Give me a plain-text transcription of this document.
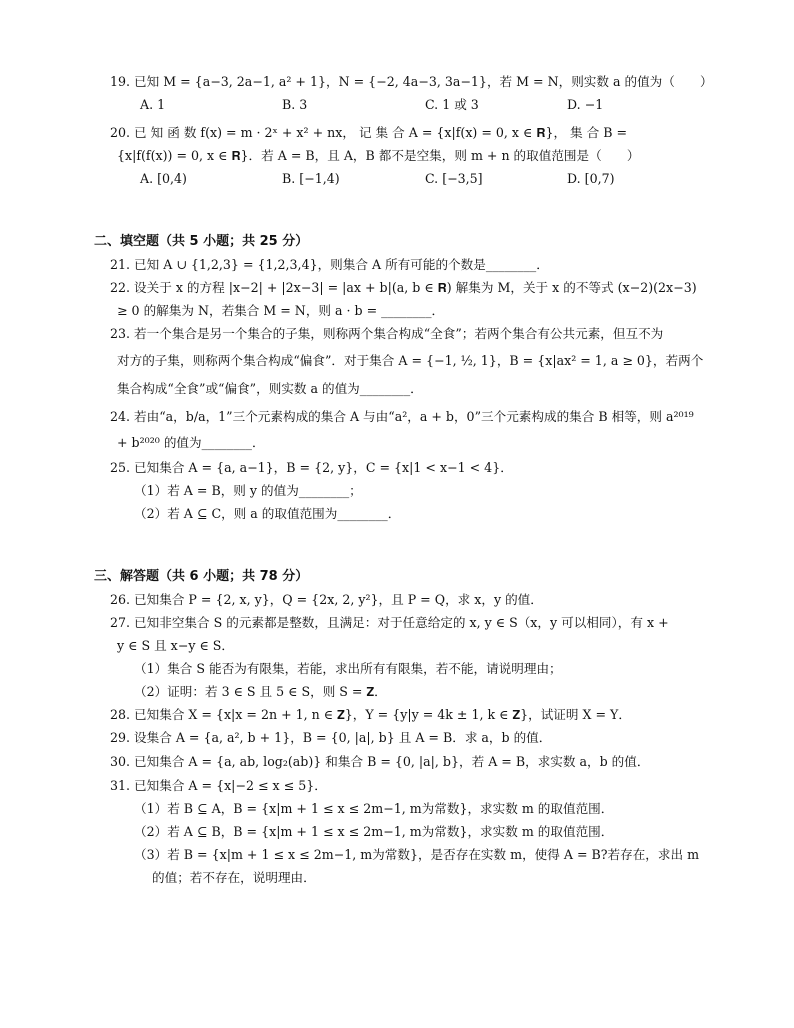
19. 已知 M = {a−3, 2a−1, a² + 1}，N = {−2, 4a−3, 3a−1}，若 M = N，则实数 a 的值为（　　）
A. 1	B. 3	C. 1 或 3	D. −1
20. 已 知 函 数 f(x) = m · 2ˣ + x² + nx， 记 集 合 A = {x|f(x) = 0, x ∈ 𝐑}， 集 合 B =
{x|f(f(x)) = 0, x ∈ 𝐑}．若 A = B，且 A，B 都不是空集，则 m + n 的取值范围是（　　）
A. [0,4)	B. [−1,4)	C. [−3,5]	D. [0,7)
二、填空题（共 5 小题；共 25 分）
21. 已知 A ∪ {1,2,3} = {1,2,3,4}，则集合 A 所有可能的个数是________．
22. 设关于 x 的方程 |x−2| + |2x−3| = |ax + b|(a, b ∈ 𝐑) 解集为 M，关于 x 的不等式 (x−2)(2x−3)
≥ 0 的解集为 N，若集合 M = N，则 a · b = ________．
23. 若一个集合是另一个集合的子集，则称两个集合构成“全食”；若两个集合有公共元素，但互不为
对方的子集，则称两个集合构成“偏食”．对于集合 A = {−1, ½, 1}，B = {x|ax² = 1, a ≥ 0}，若两个
集合构成“全食”或“偏食”，则实数 a 的值为________．
24. 若由“a，b/a，1”三个元素构成的集合 A 与由“a²，a + b，0”三个元素构成的集合 B 相等，则 a²⁰¹⁹
+ b²⁰²⁰ 的值为________．
25. 已知集合 A = {a, a−1}，B = {2, y}，C = {x|1 < x−1 < 4}．
（1）若 A = B，则 y 的值为________；
（2）若 A ⊆ C，则 a 的取值范围为________．
三、解答题（共 6 小题；共 78 分）
26. 已知集合 P = {2, x, y}，Q = {2x, 2, y²}，且 P = Q，求 x，y 的值．
27. 已知非空集合 S 的元素都是整数，且满足：对于任意给定的 x, y ∈ S（x，y 可以相同），有 x +
y ∈ S 且 x−y ∈ S．
（1）集合 S 能否为有限集，若能，求出所有有限集，若不能，请说明理由；
（2）证明：若 3 ∈ S 且 5 ∈ S，则 S = 𝐙．
28. 已知集合 X = {x|x = 2n + 1, n ∈ 𝐙}，Y = {y|y = 4k ± 1, k ∈ 𝐙}，试证明 X = Y．
29. 设集合 A = {a, a², b + 1}，B = {0, |a|, b} 且 A = B．求 a，b 的值．
30. 已知集合 A = {a, ab, log₂(ab)} 和集合 B = {0, |a|, b}，若 A = B，求实数 a，b 的值．
31. 已知集合 A = {x|−2 ≤ x ≤ 5}．
（1）若 B ⊆ A，B = {x|m + 1 ≤ x ≤ 2m−1, m为常数}，求实数 m 的取值范围．
（2）若 A ⊆ B，B = {x|m + 1 ≤ x ≤ 2m−1, m为常数}，求实数 m 的取值范围．
（3）若 B = {x|m + 1 ≤ x ≤ 2m−1, m为常数}，是否存在实数 m，使得 A = B?若存在，求出 m
的值；若不存在，说明理由．
